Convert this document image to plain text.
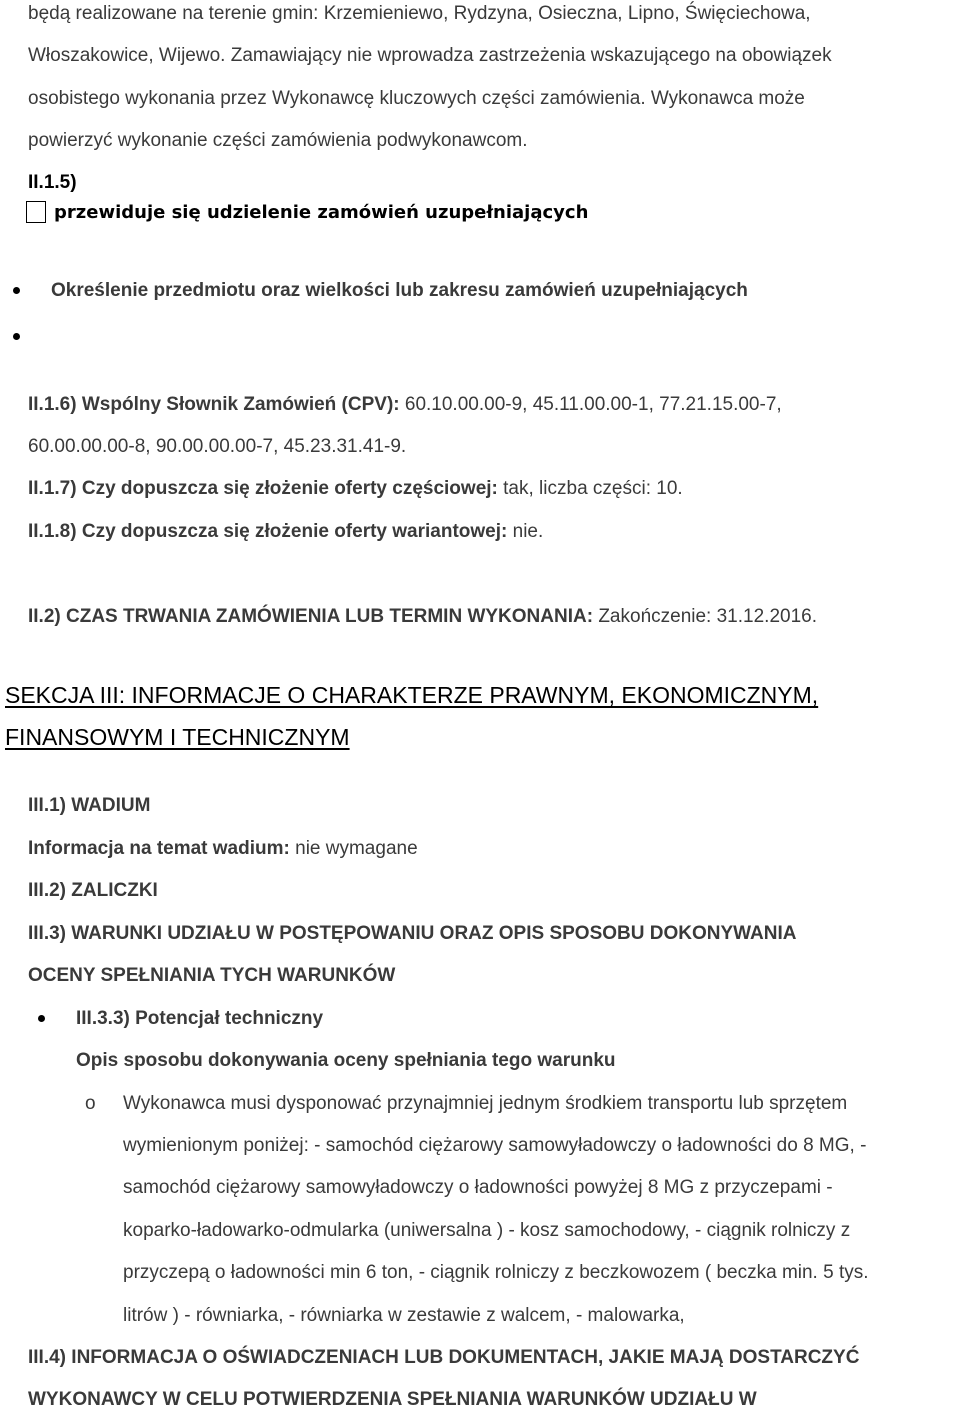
będą realizowane na terenie gmin: Krzemieniewo, Rydzyna, Osieczna, Lipno, Święciechowa,
Włoszakowice, Wijewo. Zamawiający nie wprowadza zastrzeżenia wskazującego na obowiązek
osobistego wykonania przez Wykonawcę kluczowych części zamówienia. Wykonawca może
powierzyć wykonanie części zamówienia podwykonawcom.
II.1.5)
przewiduje się udzielenie zamówień uzupełniających
Określenie przedmiotu oraz wielkości lub zakresu zamówień uzupełniających
II.1.6) Wspólny Słownik Zamówień (CPV): 60.10.00.00-9, 45.11.00.00-1, 77.21.15.00-7,
60.00.00.00-8, 90.00.00.00-7, 45.23.31.41-9.
II.1.7) Czy dopuszcza się złożenie oferty częściowej: tak, liczba części: 10.
II.1.8) Czy dopuszcza się złożenie oferty wariantowej: nie.
II.2) CZAS TRWANIA ZAMÓWIENIA LUB TERMIN WYKONANIA: Zakończenie: 31.12.2016.
SEKCJA III: INFORMACJE O CHARAKTERZE PRAWNYM, EKONOMICZNYM,
FINANSOWYM I TECHNICZNYM
III.1) WADIUM
Informacja na temat wadium: nie wymagane
III.2) ZALICZKI
III.3) WARUNKI UDZIAŁU W POSTĘPOWANIU ORAZ OPIS SPOSOBU DOKONYWANIA
OCENY SPEŁNIANIA TYCH WARUNKÓW
III.3.3) Potencjał techniczny
Opis sposobu dokonywania oceny spełniania tego warunku
o Wykonawca musi dysponować przynajmniej jednym środkiem transportu lub sprzętem
wymienionym poniżej: - samochód ciężarowy samowyładowczy o ładowności do 8 MG, -
samochód ciężarowy samowyładowczy o ładowności powyżej 8 MG z przyczepami -
koparko-ładowarko-odmularka (uniwersalna ) - kosz samochodowy, - ciągnik rolniczy z
przyczepą o ładowności min 6 ton, - ciągnik rolniczy z beczkowozem ( beczka min. 5 tys.
litrów ) - równiarka, - równiarka w zestawie z walcem, - malowarka,
III.4) INFORMACJA O OŚWIADCZENIACH LUB DOKUMENTACH, JAKIE MAJĄ DOSTARCZYĆ
WYKONAWCY W CELU POTWIERDZENIA SPEŁNIANIA WARUNKÓW UDZIAŁU W
